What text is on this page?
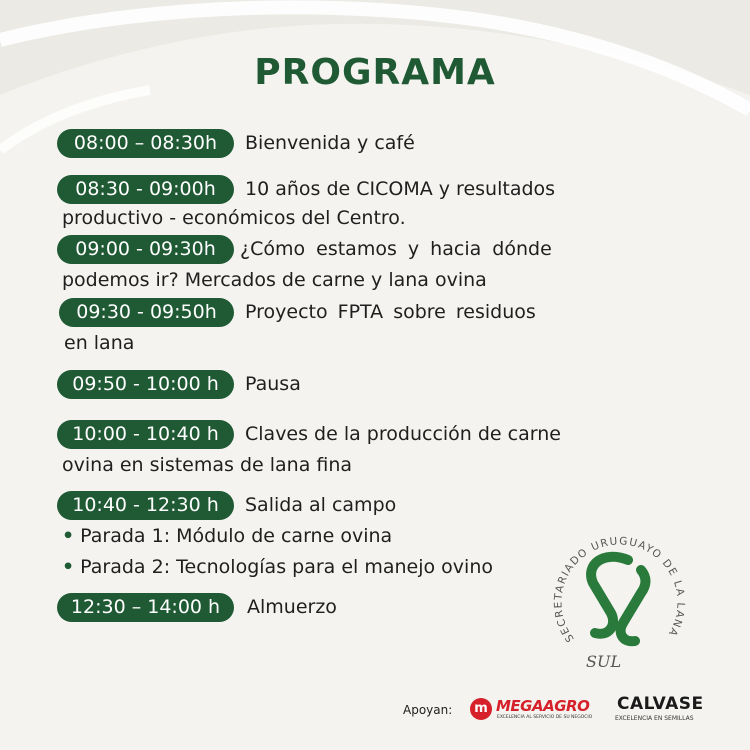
PROGRAMA
08:00 – 08:30h	Bienvenida y café
08:30 - 09:00h	10 años de CICOMA y resultados
productivo - económicos del Centro.
09:00 - 09:30h	¿Cómo estamos y hacia dónde
podemos ir? Mercados de carne y lana ovina
09:30 - 09:50h	Proyecto FPTA sobre residuos
en lana
09:50 - 10:00 h	Pausa
10:00 - 10:40 h	Claves de la producción de carne
ovina en sistemas de lana fina
10:40 - 12:30 h	Salida al campo
• Parada 1: Módulo de carne ovina
• Parada 2: Tecnologías para el manejo ovino
12:30 – 14:00 h	Almuerzo
SECRETARIADO URUGUAYO DE LA LANA
SUL
Apoyan:	m MEGAAGRO
EXCELENCIA AL SERVICIO DE SU NEGOCIO
CALVASE
EXCELENCIA EN SEMILLAS
